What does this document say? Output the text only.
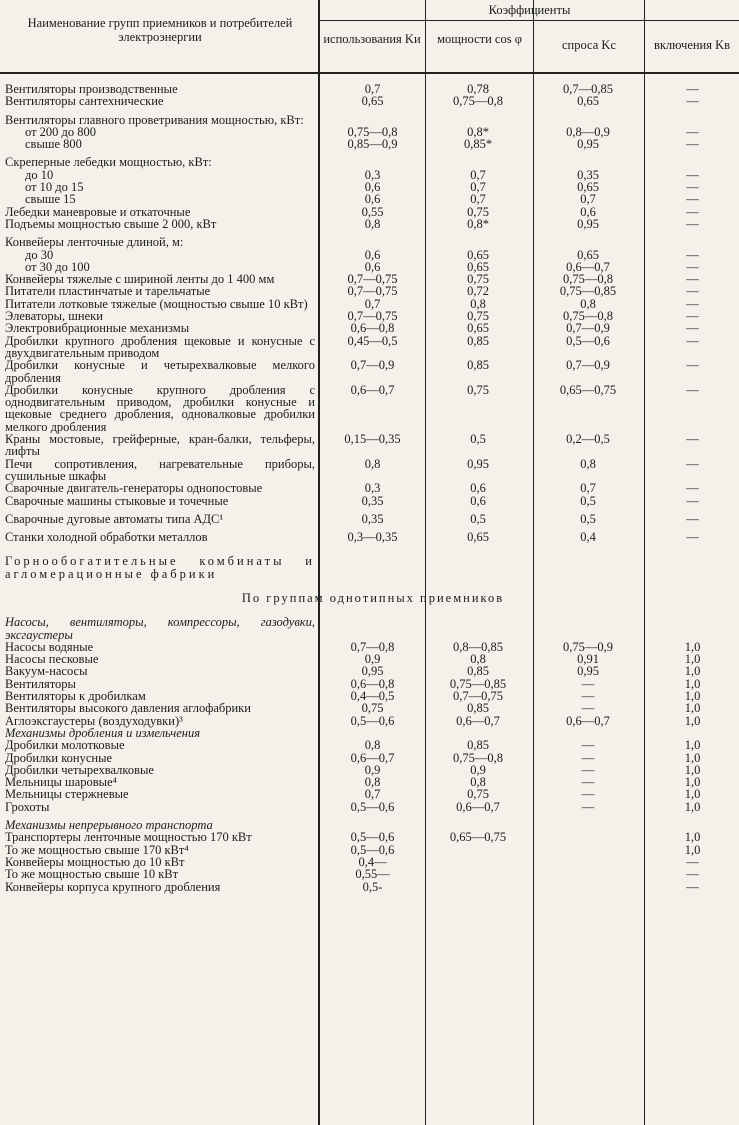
Наименование групп приемников и потребителей электроэнергии
Коэффициенты
использования Kи	мощности cos φ	спроса Kс	включения Kв
Вентиляторы производственные	0,7	0,78	0,7—0,85	—
Вентиляторы сантехнические	0,65	0,75—0,8	0,65	—

Вентиляторы главного проветривания мощностью, кВт:				
от 200 до 800	0,75—0,8	0,8*	0,8—0,9	—
свыше 800	0,85—0,9	0,85*	0,95	—

Скреперные лебедки мощностью, кВт:				
до 10	0,3	0,7	0,35	—
от 10 до 15	0,6	0,7	0,65	—
свыше 15	0,6	0,7	0,7	—
Лебедки маневровые и откаточные	0,55	0,75	0,6	—
Подъемы мощностью свыше 2 000, кВт	0,8	0,8*	0,95	—

Конвейеры ленточные длиной, м:				
до 30	0,6	0,65	0,65	—
от 30 до 100	0,6	0,65	0,6—0,7	—
Конвейеры тяжелые с шириной ленты до 1 400 мм	0,7—0,75	0,75	0,75—0,8	—
Питатели пластинчатые и тарельчатые	0,7—0,75	0,72	0,75—0,85	—
Питатели лотковые тяжелые (мощностью свыше 10 кВт)	0,7	0,8	0,8	—
Элеваторы, шнеки	0,7—0,75	0,75	0,75—0,8	—
Электровибрационные механизмы	0,6—0,8	0,65	0,7—0,9	—
Дробилки крупного дробления щековые и конусные с двухдвигательным приводом	0,45—0,5	0,85	0,5—0,6	—
Дробилки конусные и четырехвалковые мелкого дробления	0,7—0,9	0,85	0,7—0,9	—
Дробилки конусные крупного дробления с однодвигательным приводом, дробилки конусные и щековые среднего дробления, одновалковые дробилки мелкого дробления	0,6—0,7	0,75	0,65—0,75	—
Краны мостовые, грейферные, кран-балки, тельферы, лифты	0,15—0,35	0,5	0,2—0,5	—
Печи сопротивления, нагревательные приборы, сушильные шкафы	0,8	0,95	0,8	—
Сварочные двигатель-генераторы однопостовые	0,3	0,6	0,7	—
Сварочные машины стыковые и точечные	0,35	0,6	0,5	—

Сварочные дуговые автоматы типа АДС¹	0,35	0,5	0,5	—

Станки холодной обработки металлов	0,3—0,35	0,65	0,4	—

Горнообогатительные комбинаты и агломерационные фабрики				

По группам однотипных приемников				

Насосы, вентиляторы, компрессоры, газодувки, эксгаустеры				
Насосы водяные	0,7—0,8	0,8—0,85	0,75—0,9	1,0
Насосы песковые	0,9	0,8	0,91	1,0
Вакуум-насосы	0,95	0,85	0,95	1,0
Вентиляторы	0,6—0,8	0,75—0,85	—	1,0
Вентиляторы к дробилкам	0,4—0,5	0,7—0,75	—	1,0
Вентиляторы высокого давления аглофабрики	0,75	0,85	—	1,0
Аглоэксгаустеры (воздуходувки)³	0,5—0,6	0,6—0,7	0,6—0,7	1,0
Механизмы дробления и измельчения				
Дробилки молотковые	0,8	0,85	—	1,0
Дробилки конусные	0,6—0,7	0,75—0,8	—	1,0
Дробилки четырехвалковые	0,9	0,9	—	1,0
Мельницы шаровые⁴	0,8	0,8	—	1,0
Мельницы стержневые	0,7	0,75	—	1,0
Грохоты	0,5—0,6	0,6—0,7	—	1,0

Механизмы непрерывного транспорта				
Транспортеры ленточные мощностью 170 кВт	0,5—0,6	0,65—0,75		1,0
То же мощностью свыше 170 кВт⁴	0,5—0,6			1,0
Конвейеры мощностью до 10 кВт	0,4—			—
То же мощностью свыше 10 кВт	0,55—			—
Конвейеры корпуса крупного дробления	0,5-			—
